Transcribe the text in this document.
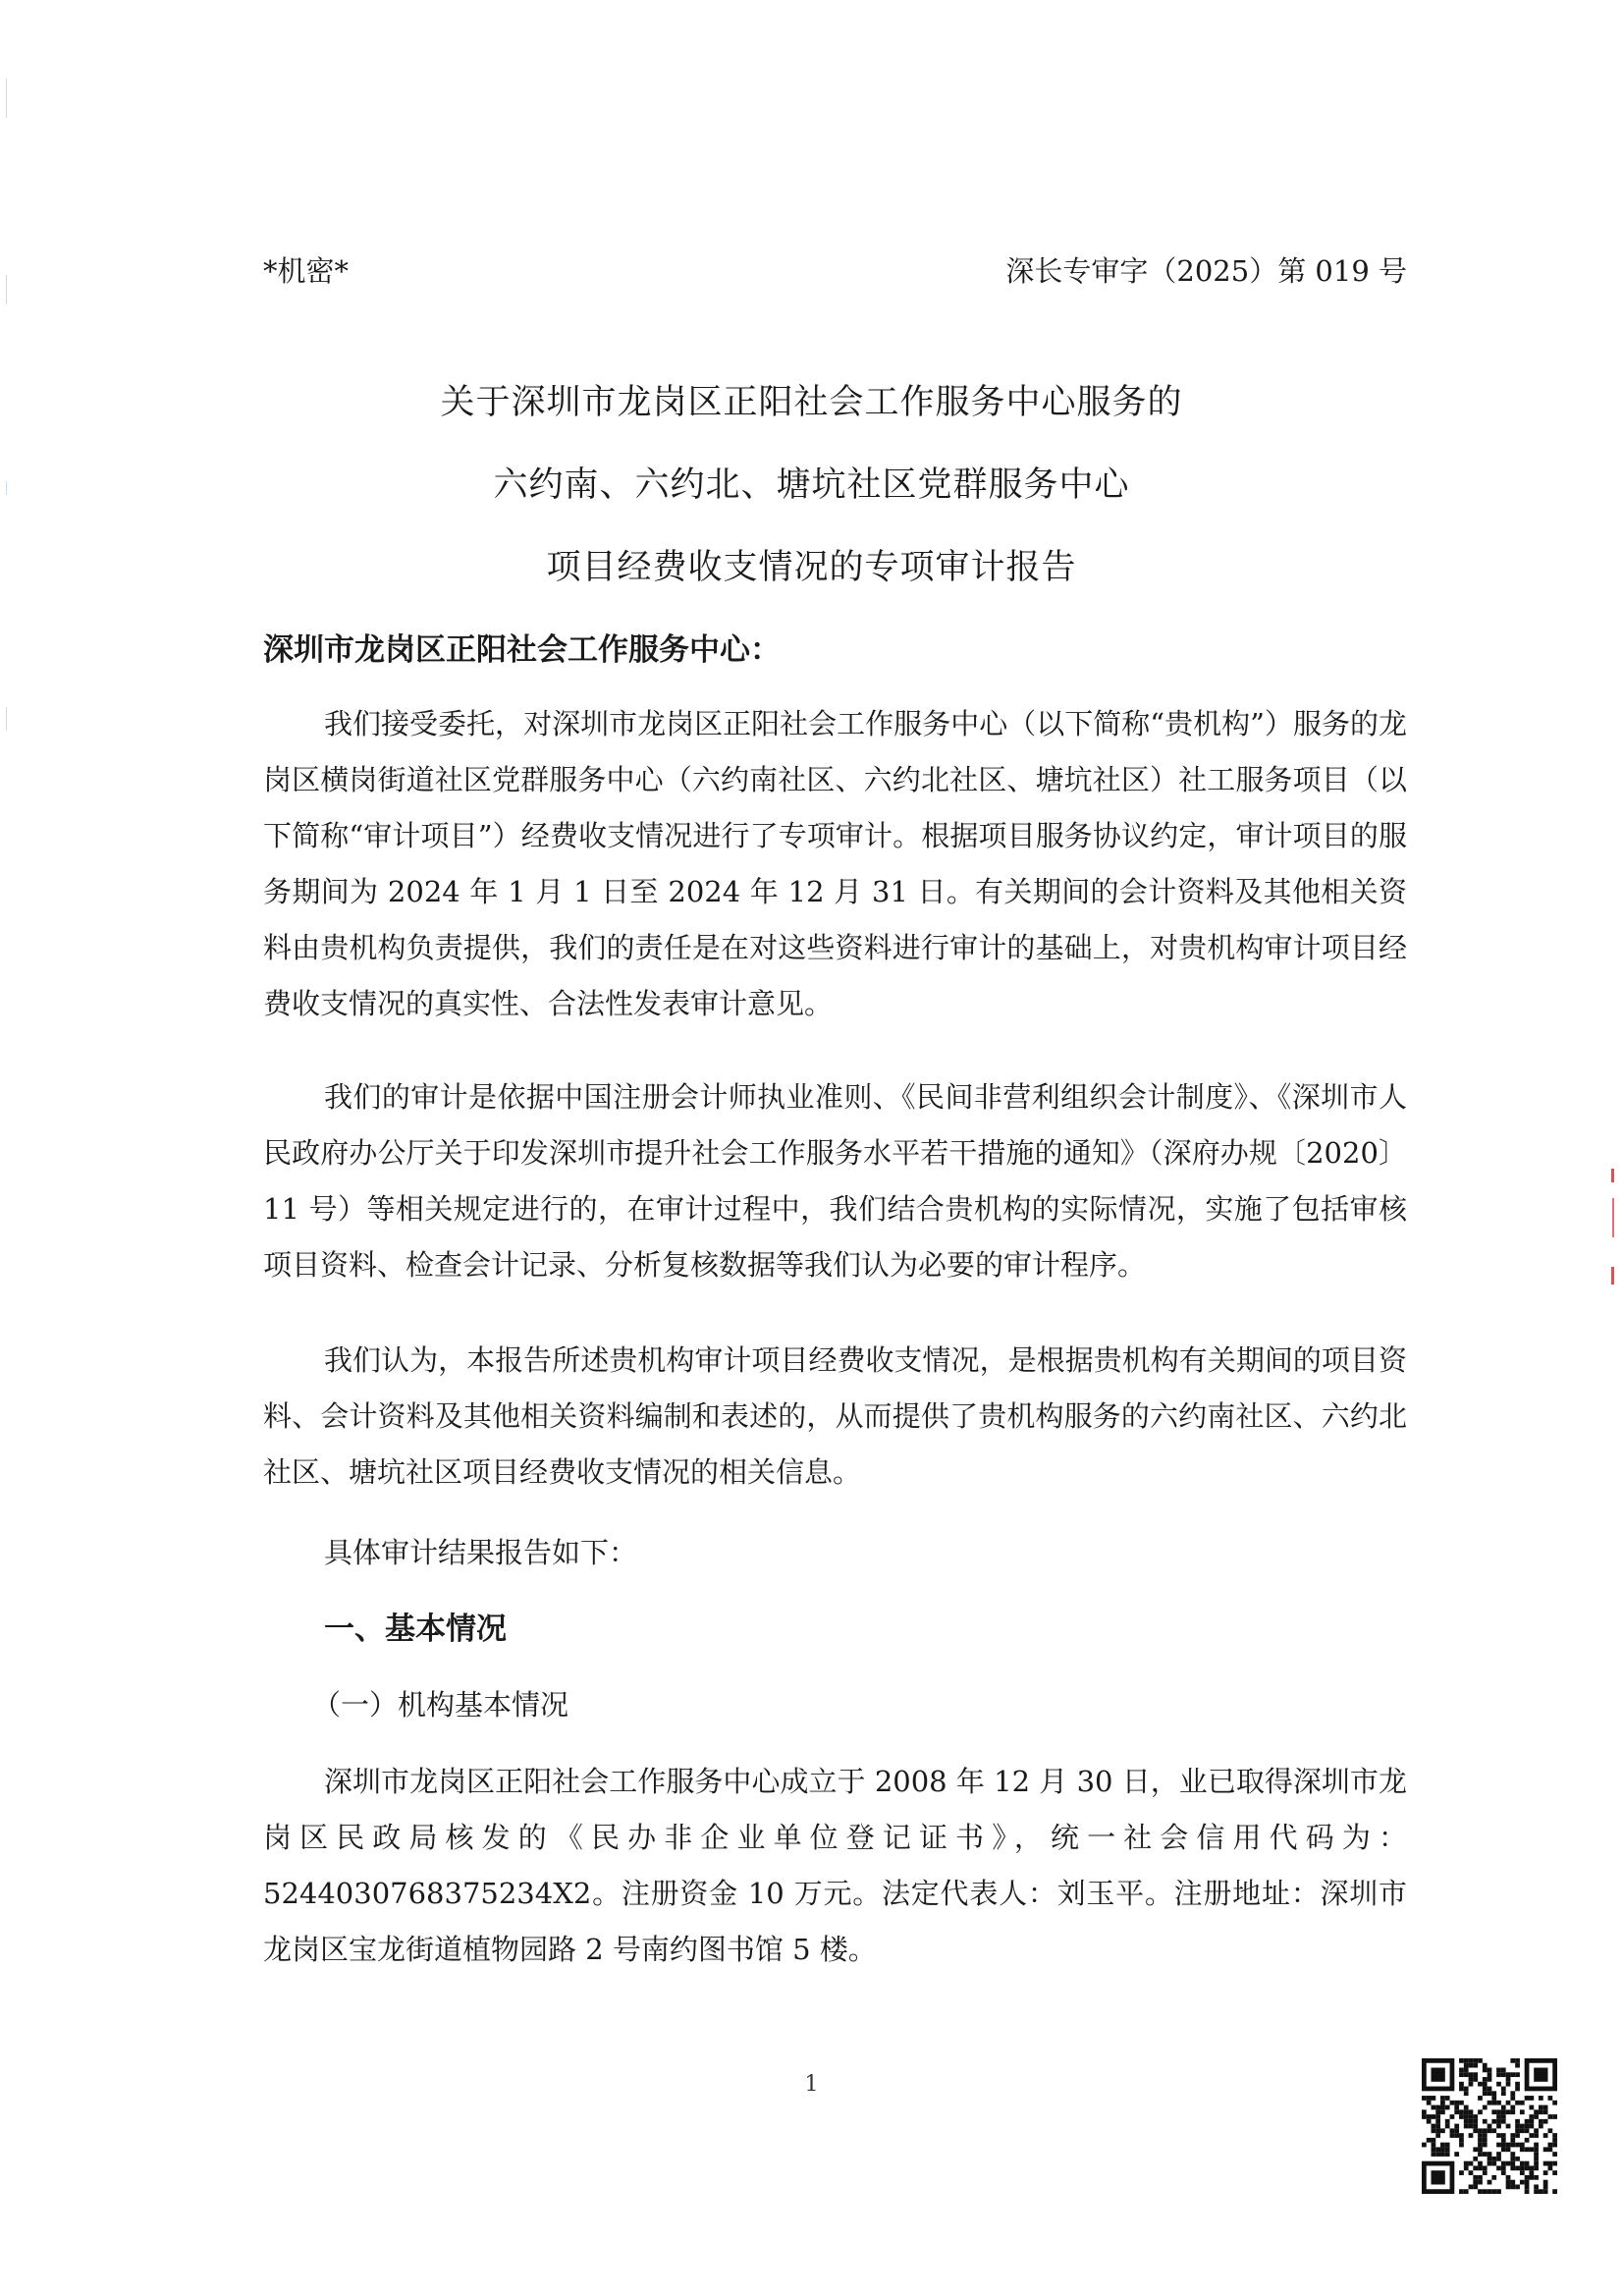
*机密*	深长专审字（2025）第 019 号
关于深圳市龙岗区正阳社会工作服务中心服务的
六约南、六约北、塘坑社区党群服务中心
项目经费收支情况的专项审计报告
深圳市龙岗区正阳社会工作服务中心：

我们接受委托，对深圳市龙岗区正阳社会工作服务中心（以下简称“贵机构”）服务的龙岗区横岗街道社区党群服务中心（六约南社区、六约北社区、塘坑社区）社工服务项目（以下简称“审计项目”）经费收支情况进行了专项审计。根据项目服务协议约定，审计项目的服务期间为 2024 年 1 月 1 日至 2024 年 12 月 31 日。有关期间的会计资料及其他相关资料由贵机构负责提供，我们的责任是在对这些资料进行审计的基础上，对贵机构审计项目经费收支情况的真实性、合法性发表审计意见。

我们的审计是依据中国注册会计师执业准则、《民间非营利组织会计制度》、《深圳市人民政府办公厅关于印发深圳市提升社会工作服务水平若干措施的通知》（深府办规〔2020〕11 号）等相关规定进行的，在审计过程中，我们结合贵机构的实际情况，实施了包括审核项目资料、检查会计记录、分析复核数据等我们认为必要的审计程序。

我们认为，本报告所述贵机构审计项目经费收支情况，是根据贵机构有关期间的项目资料、会计资料及其他相关资料编制和表述的，从而提供了贵机构服务的六约南社区、六约北社区、塘坑社区项目经费收支情况的相关信息。

具体审计结果报告如下：

一、基本情况
（一）机构基本情况

深圳市龙岗区正阳社会工作服务中心成立于 2008 年 12 月 30 日，业已取得深圳市龙岗区民政局核发的《民办非企业单位登记证书》，统一社会信用代码为：5244030768375234X2。注册资金 10 万元。法定代表人：刘玉平。注册地址：深圳市龙岗区宝龙街道植物园路 2 号南约图书馆 5 楼。

1
